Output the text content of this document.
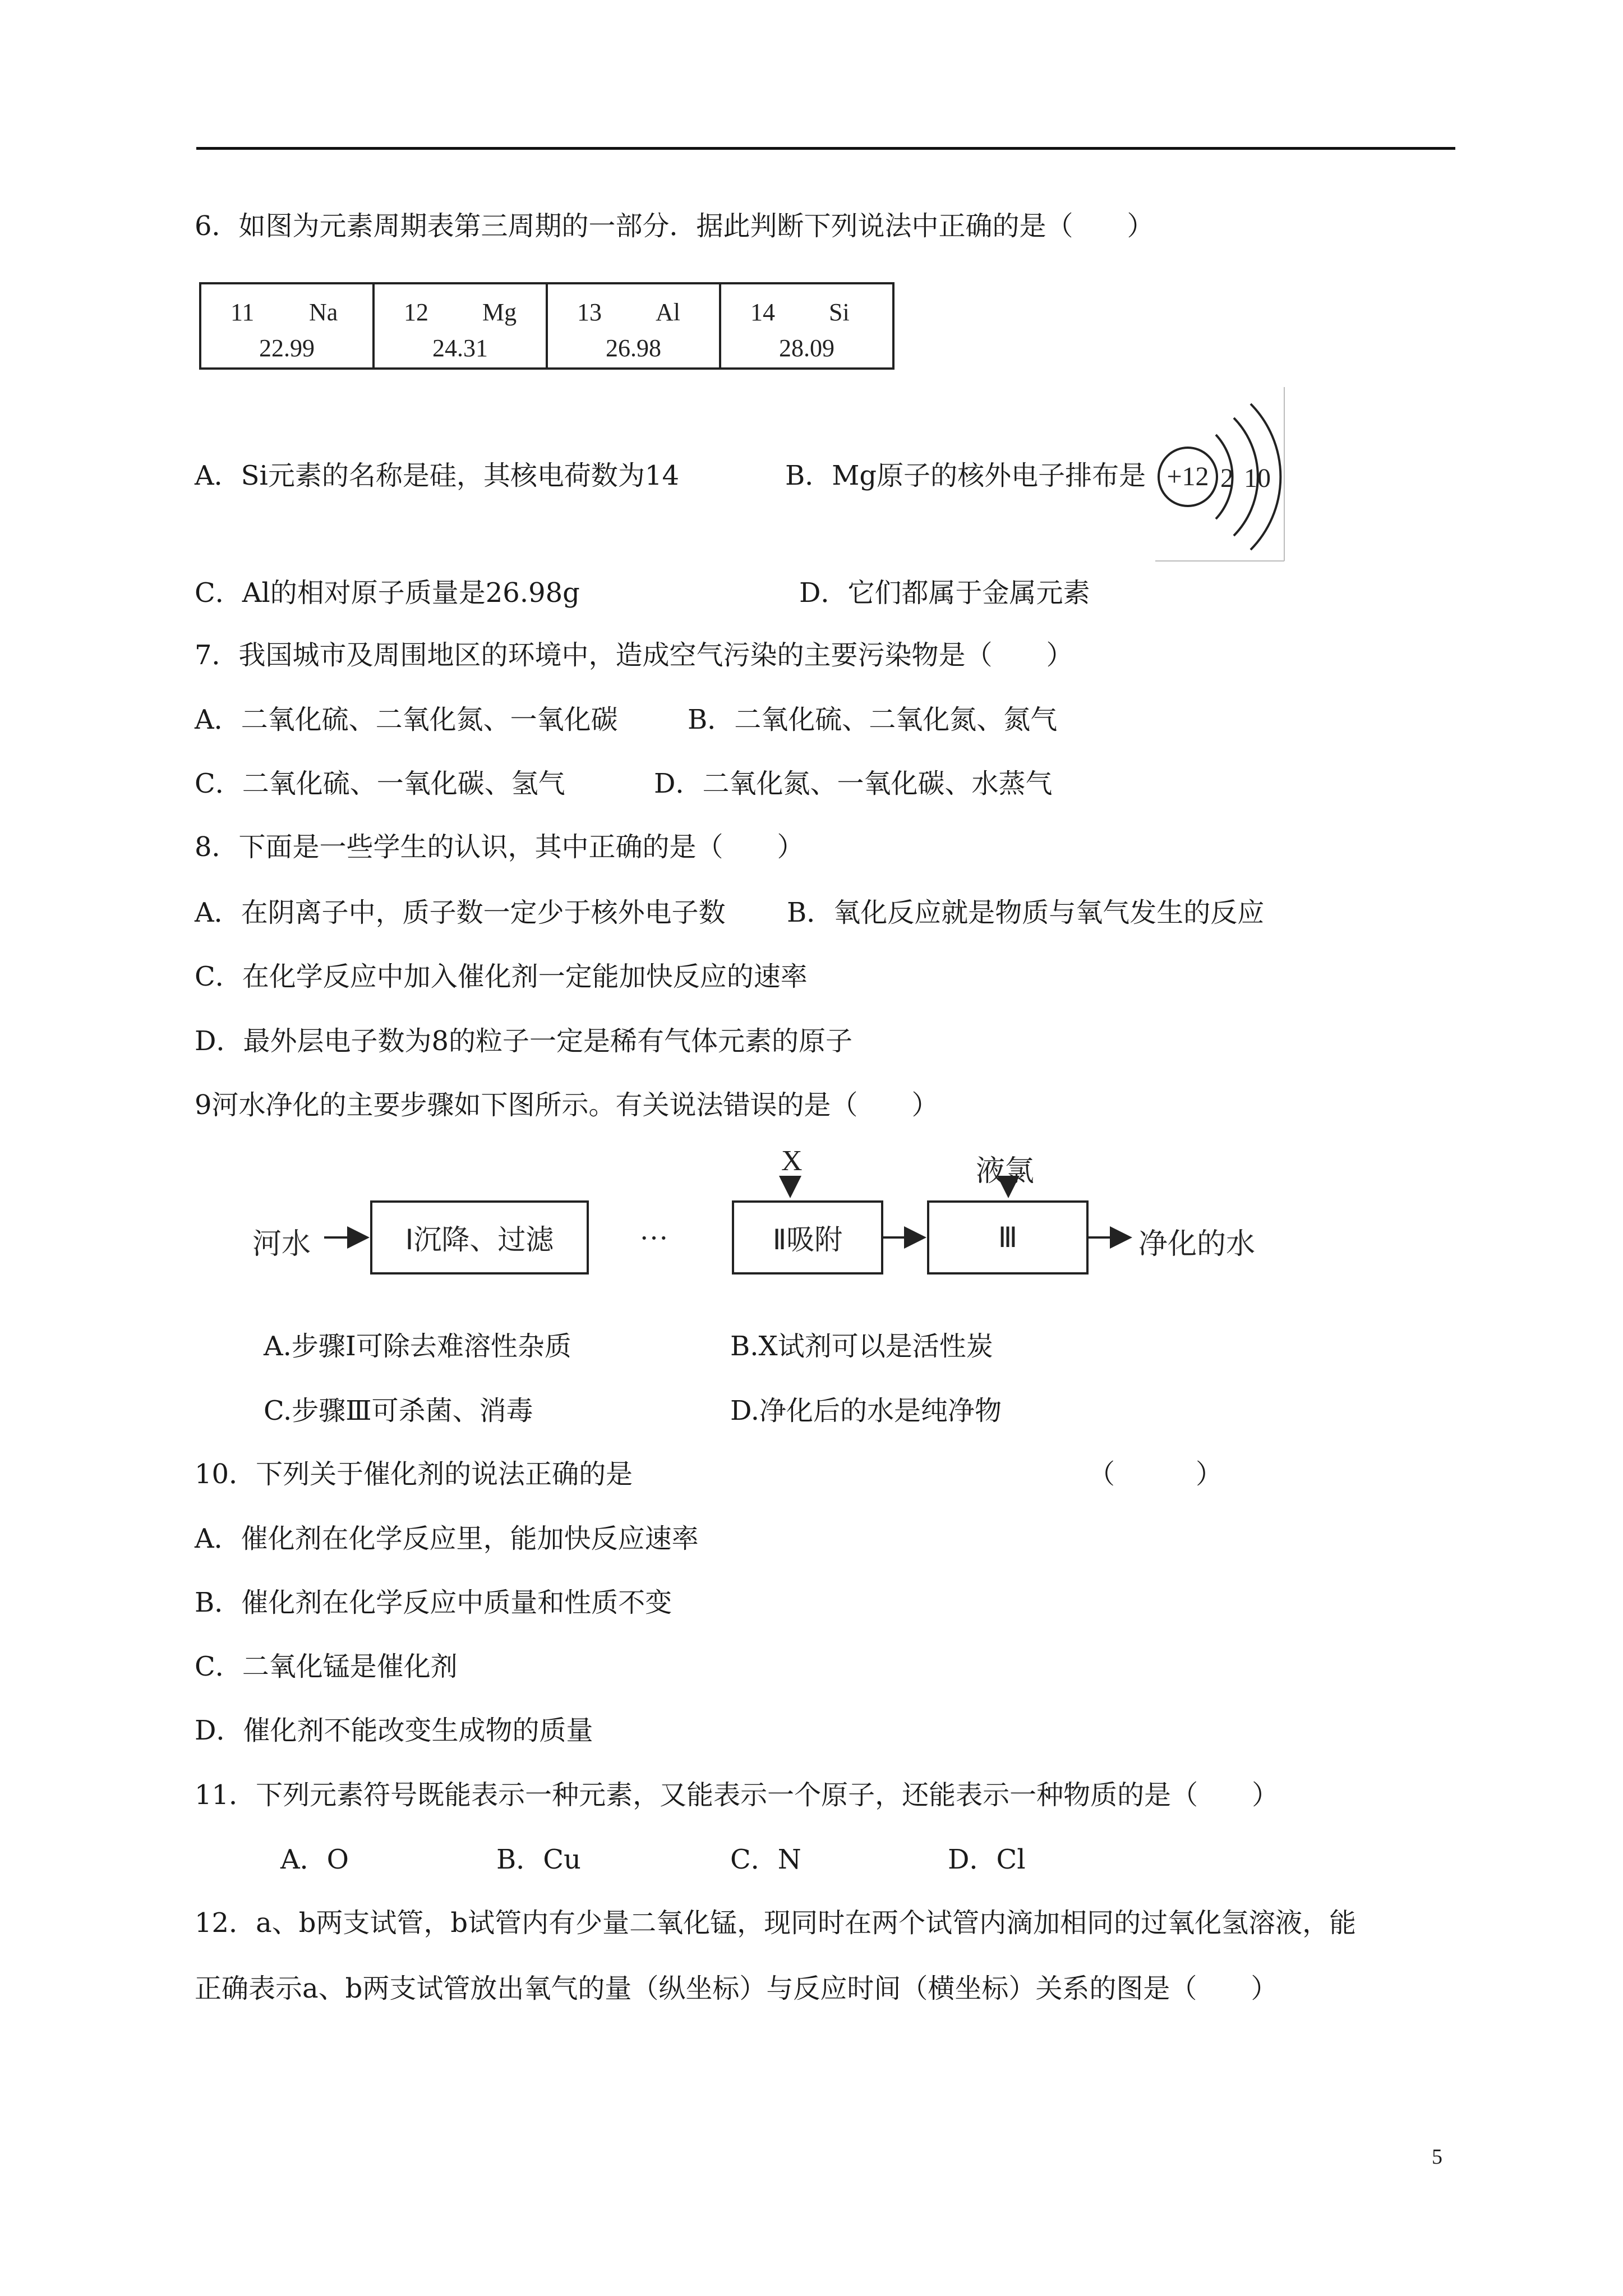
6．如图为元素周期表第三周期的一部分．据此判断下列说法中正确的是（　　）
11 Na
22.99
12 Mg
24.31
13 Al
26.98
14 Si
28.09
A．Si元素的名称是硅，其核电荷数为14	B．Mg原子的核外电子排布是 +12 2 10
C．Al的相对原子质量是26.98g	D．它们都属于金属元素
7．我国城市及周围地区的环境中，造成空气污染的主要污染物是（　　）
A．二氧化硫、二氧化氮、一氧化碳	B．二氧化硫、二氧化氮、氮气
C．二氧化硫、一氧化碳、氢气	D．二氧化氮、一氧化碳、水蒸气
8．下面是一些学生的认识，其中正确的是（　　）
A．在阴离子中，质子数一定少于核外电子数 B．氧化反应就是物质与氧气发生的反应
C．在化学反应中加入催化剂一定能加快反应的速率
D．最外层电子数为8的粒子一定是稀有气体元素的原子
9河水净化的主要步骤如下图所示。有关说法错误的是（　　）
河水	Ⅰ沉降、过滤	···
X
Ⅱ吸附
液氯
Ⅲ	净化的水
A.步骤Ⅰ可除去难溶性杂质	B.X试剂可以是活性炭
C.步骤Ⅲ可杀菌、消毒	D.净化后的水是纯净物
10．下列关于催化剂的说法正确的是	（　　　）
A．催化剂在化学反应里，能加快反应速率
B．催化剂在化学反应中质量和性质不变
C．二氧化锰是催化剂
D．催化剂不能改变生成物的质量
11．下列元素符号既能表示一种元素，又能表示一个原子，还能表示一种物质的是（　　）
A．O	B．Cu	C．N	D．Cl
12．a、b两支试管，b试管内有少量二氧化锰，现同时在两个试管内滴加相同的过氧化氢溶液，能
正确表示a、b两支试管放出氧气的量（纵坐标）与反应时间（横坐标）关系的图是（　　）
5
